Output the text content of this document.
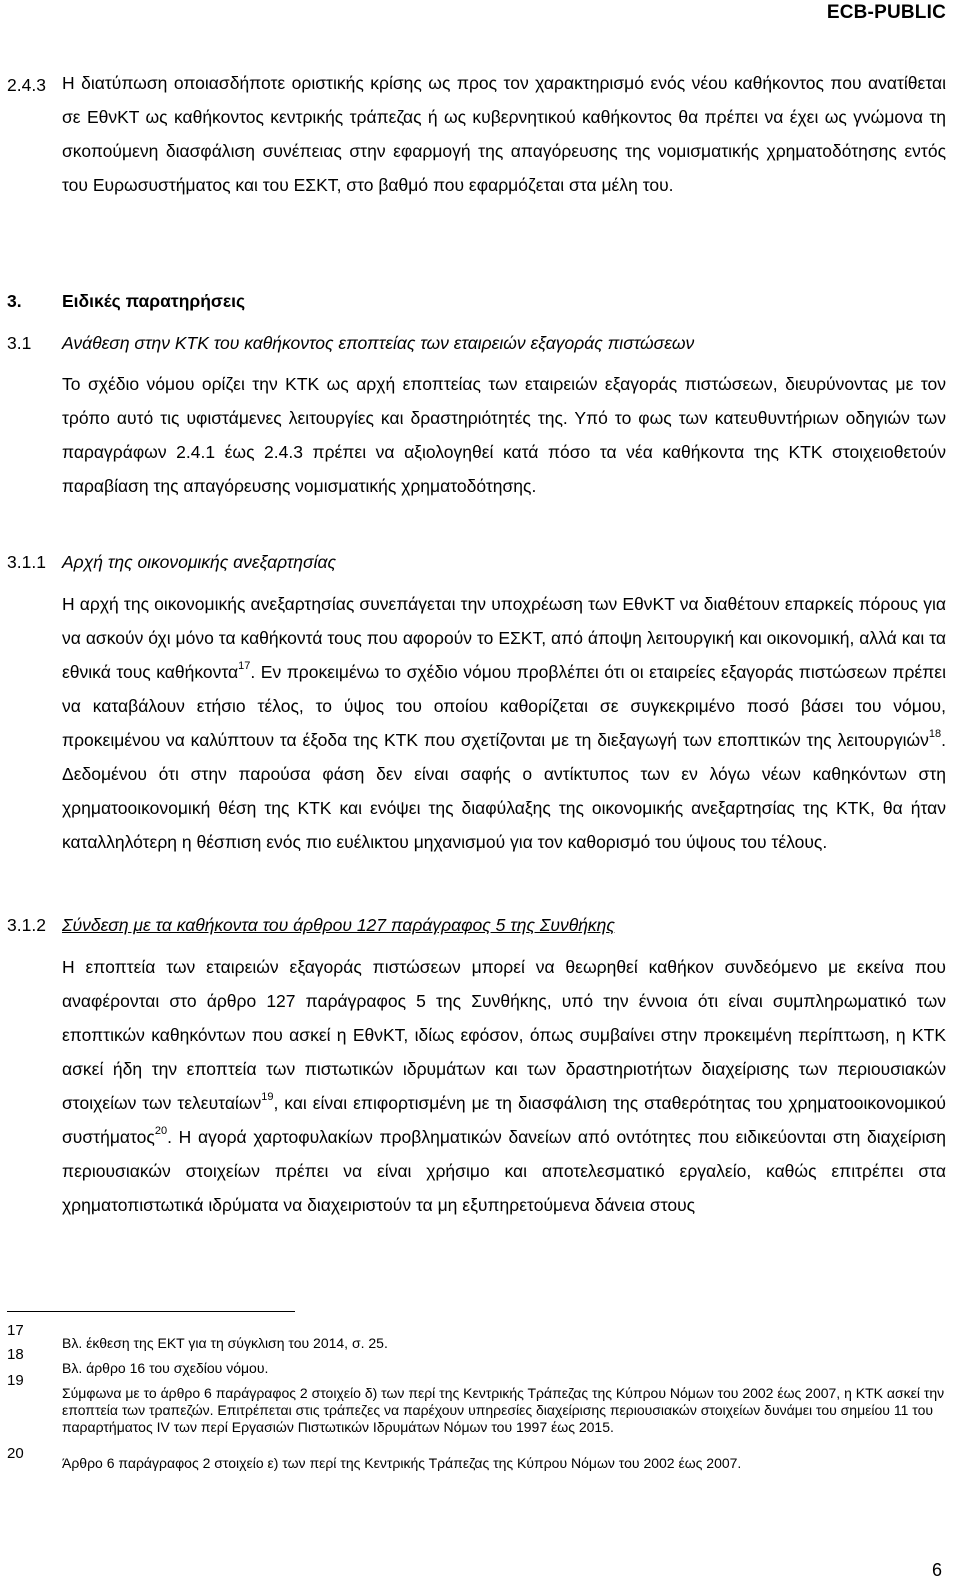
ECB-PUBLIC
2.4.3 Η διατύπωση οποιασδήποτε οριστικής κρίσης ως προς τον χαρακτηρισμό ενός νέου καθήκοντος που ανατίθεται σε ΕθνΚΤ ως καθήκοντος κεντρικής τράπεζας ή ως κυβερνητικού καθήκοντος θα πρέπει να έχει ως γνώμονα τη σκοπούμενη διασφάλιση συνέπειας στην εφαρμογή της απαγόρευσης της νομισματικής χρηματοδότησης εντός του Ευρωσυστήματος και του ΕΣΚΤ, στο βαθμό που εφαρμόζεται στα μέλη του.
3. Ειδικές παρατηρήσεις
3.1 Ανάθεση στην ΚΤΚ του καθήκοντος εποπτείας των εταιρειών εξαγοράς πιστώσεων
Το σχέδιο νόμου ορίζει την ΚΤΚ ως αρχή εποπτείας των εταιρειών εξαγοράς πιστώσεων, διευρύνοντας με τον τρόπο αυτό τις υφιστάμενες λειτουργίες και δραστηριότητές της. Υπό το φως των κατευθυντήριων οδηγιών των παραγράφων 2.4.1 έως 2.4.3 πρέπει να αξιολογηθεί κατά πόσο τα νέα καθήκοντα της ΚΤΚ στοιχειοθετούν παραβίαση της απαγόρευσης νομισματικής χρηματοδότησης.
3.1.1 Αρχή της οικονομικής ανεξαρτησίας
Η αρχή της οικονομικής ανεξαρτησίας συνεπάγεται την υποχρέωση των ΕθνΚΤ να διαθέτουν επαρκείς πόρους για να ασκούν όχι μόνο τα καθήκοντά τους που αφορούν το ΕΣΚΤ, από άποψη λειτουργική και οικονομική, αλλά και τα εθνικά τους καθήκοντα$^{17}$. Εν προκειμένω το σχέδιο νόμου προβλέπει ότι οι εταιρείες εξαγοράς πιστώσεων πρέπει να καταβάλουν ετήσιο τέλος, το ύψος του οποίου καθορίζεται σε συγκεκριμένο ποσό βάσει του νόμου, προκειμένου να καλύπτουν τα έξοδα της ΚΤΚ που σχετίζονται με τη διεξαγωγή των εποπτικών της λειτουργιών$^{18}$. Δεδομένου ότι στην παρούσα φάση δεν είναι σαφής ο αντίκτυπος των εν λόγω νέων καθηκόντων στη χρηματοοικονομική θέση της ΚΤΚ και ενόψει της διαφύλαξης της οικονομικής ανεξαρτησίας της ΚΤΚ, θα ήταν καταλληλότερη η θέσπιση ενός πιο ευέλικτου μηχανισμού για τον καθορισμό του ύψους του τέλους.
3.1.2 Σύνδεση με τα καθήκοντα του άρθρου 127 παράγραφος 5 της Συνθήκης
Η εποπτεία των εταιρειών εξαγοράς πιστώσεων μπορεί να θεωρηθεί καθήκον συνδεόμενο με εκείνα που αναφέρονται στο άρθρο 127 παράγραφος 5 της Συνθήκης, υπό την έννοια ότι είναι συμπληρωματικό των εποπτικών καθηκόντων που ασκεί η ΕθνΚΤ, ιδίως εφόσον, όπως συμβαίνει στην προκειμένη περίπτωση, η ΚΤΚ ασκεί ήδη την εποπτεία των πιστωτικών ιδρυμάτων και των δραστηριοτήτων διαχείρισης των περιουσιακών στοιχείων των τελευταίων$^{19}$, και είναι επιφορτισμένη με τη διασφάλιση της σταθερότητας του χρηματοοικονομικού συστήματος$^{20}$. Η αγορά χαρτοφυλακίων προβληματικών δανείων από οντότητες που ειδικεύονται στη διαχείριση περιουσιακών στοιχείων πρέπει να είναι χρήσιμο και αποτελεσματικό εργαλείο, καθώς επιτρέπει στα χρηματοπιστωτικά ιδρύματα να διαχειριστούν τα μη εξυπηρετούμενα δάνεια στους
17
Βλ. έκθεση της ΕΚΤ για τη σύγκλιση του 2014, σ. 25.
18
Βλ. άρθρο 16 του σχεδίου νόμου.
19
Σύμφωνα με το άρθρο 6 παράγραφος 2 στοιχείο δ) των περί της Κεντρικής Τράπεζας της Κύπρου Νόμων του 2002 έως 2007, η ΚΤΚ ασκεί την εποπτεία των τραπεζών. Επιτρέπεται στις τράπεζες να παρέχουν υπηρεσίες διαχείρισης περιουσιακών στοιχείων δυνάμει του σημείου 11 του παραρτήματος IV των περί Εργασιών Πιστωτικών Ιδρυμάτων Νόμων του 1997 έως 2015.
20
Άρθρο 6 παράγραφος 2 στοιχείο ε) των περί της Κεντρικής Τράπεζας της Κύπρου Νόμων του 2002 έως 2007.
6
